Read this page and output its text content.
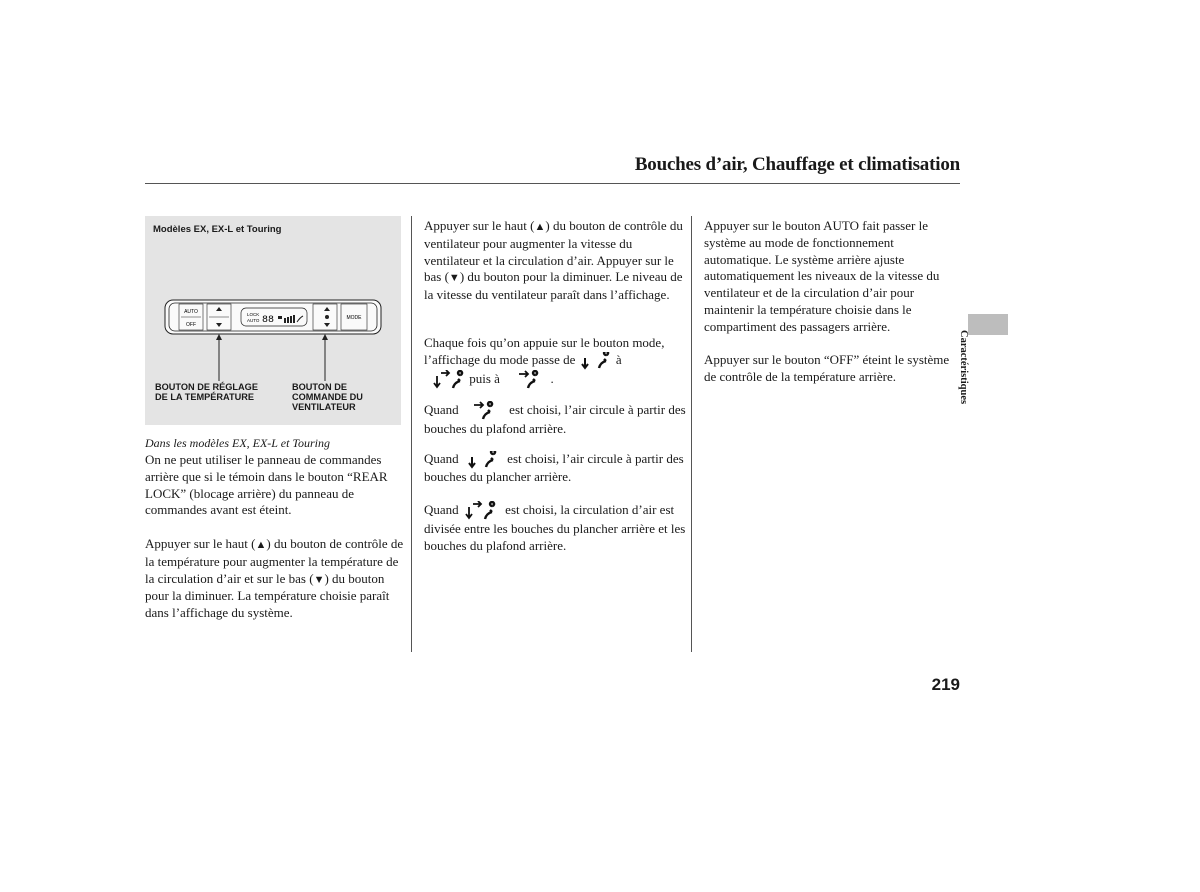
Bouches d’air, Chauffage et climatisation
Modèles EX, EX-L et Touring
AUTO
OFF
LOCK
AUTO 88	MODE
BOUTON DE RÉGLAGE
DE LA TEMPÉRATURE
BOUTON DE
COMMANDE DU
VENTILATEUR
Dans les modèles EX, EX-L et Touring

On ne peut utiliser le panneau de commandes arrière que si le témoin dans le bouton “REAR LOCK” (blocage arrière) du panneau de commandes avant est éteint.

Appuyer sur le haut (▲) du bouton de contrôle de la température pour augmenter la température de la circulation d’air et sur le bas (▼) du bouton pour la diminuer. La température choisie paraît dans l’affichage du système.

Appuyer sur le haut (▲) du bouton de contrôle du ventilateur pour augmenter la vitesse du ventilateur et la circulation d’air. Appuyer sur le bas (▼) du bouton pour la diminuer. Le niveau de la vitesse du ventilateur paraît dans l’affichage.

Chaque fois qu’on appuie sur le bouton mode, l’affichage du mode passe de	à
puis à	.

Quand	est choisi, l’air circule à partir des bouches du plafond arrière.

Quand	est choisi, l’air circule à partir des bouches du plancher arrière.

Quand	est choisi, la circulation d’air est divisée entre les bouches du plancher arrière et les bouches du plafond arrière.

Appuyer sur le bouton AUTO fait passer le système au mode de fonctionnement automatique. Le système arrière ajuste automatiquement les niveaux de la vitesse du ventilateur et de la circulation d’air pour maintenir la température choisie dans le compartiment des passagers arrière.

Appuyer sur le bouton “OFF” éteint le système de contrôle de la température arrière.	Caractéristiques
219
